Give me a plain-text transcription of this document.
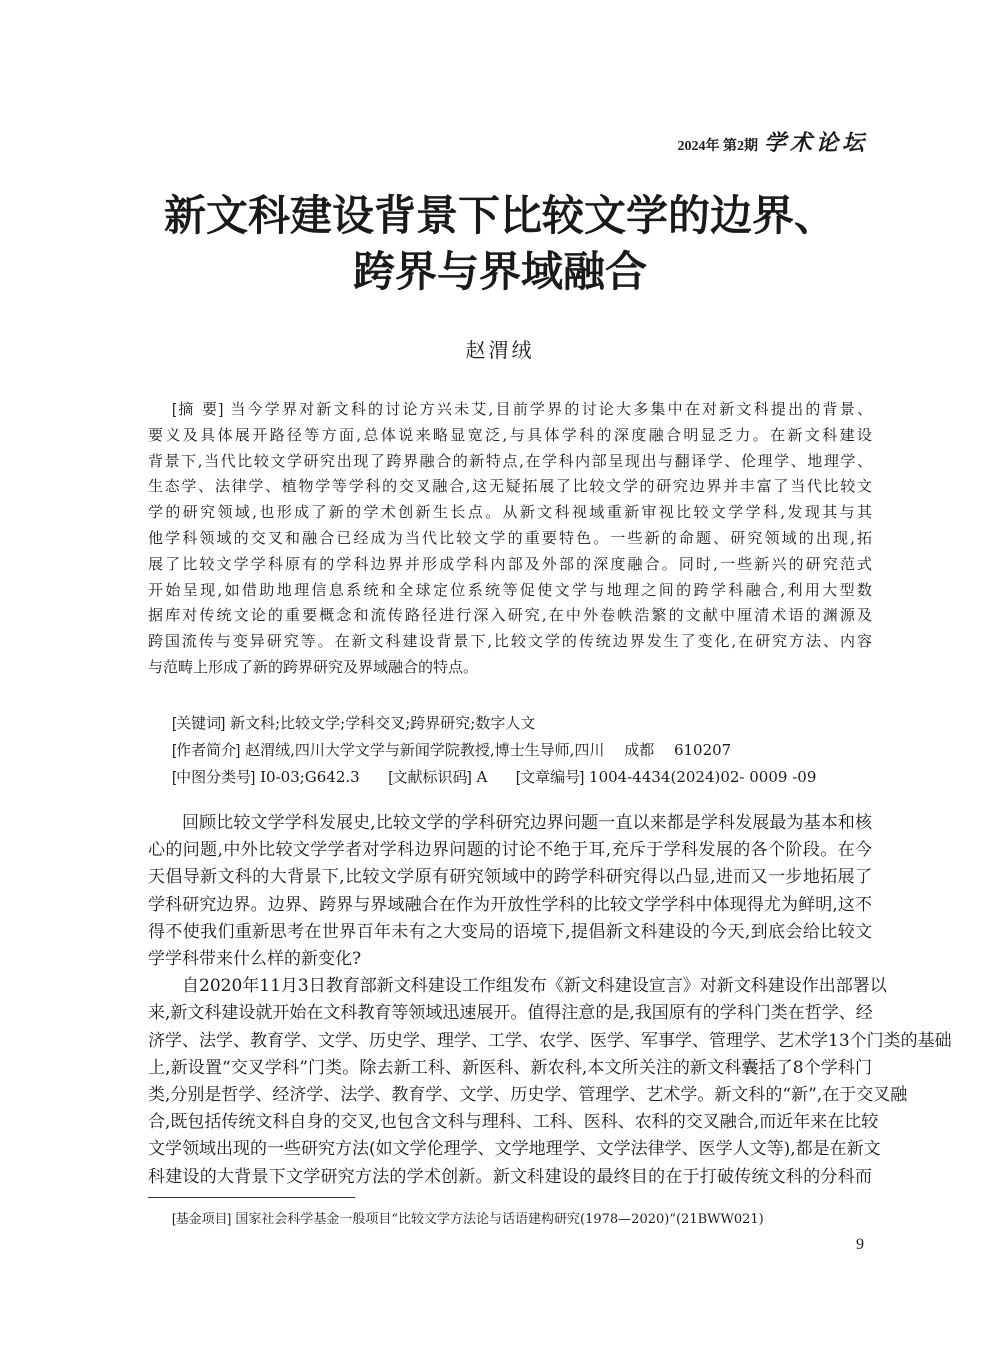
2024年 第2期 学术论坛
新文科建设背景下比较文学的边界、
跨界与界域融合
赵渭绒
[摘 要] 当今学界对新文科的讨论方兴未艾,目前学界的讨论大多集中在对新文科提出的背景、
要义及具体展开路径等方面,总体说来略显宽泛,与具体学科的深度融合明显乏力。在新文科建设
背景下,当代比较文学研究出现了跨界融合的新特点,在学科内部呈现出与翻译学、伦理学、地理学、
生态学、法律学、植物学等学科的交叉融合,这无疑拓展了比较文学的研究边界并丰富了当代比较文
学的研究领域,也形成了新的学术创新生长点。从新文科视域重新审视比较文学学科,发现其与其
他学科领域的交叉和融合已经成为当代比较文学的重要特色。一些新的命题、研究领域的出现,拓
展了比较文学学科原有的学科边界并形成学科内部及外部的深度融合。同时,一些新兴的研究范式
开始呈现,如借助地理信息系统和全球定位系统等促使文学与地理之间的跨学科融合,利用大型数
据库对传统文论的重要概念和流传路径进行深入研究,在中外卷帙浩繁的文献中厘清术语的渊源及
跨国流传与变异研究等。在新文科建设背景下,比较文学的传统边界发生了变化,在研究方法、内容
与范畴上形成了新的跨界研究及界域融合的特点。
[关键词] 新文科;比较文学;学科交叉;跨界研究;数字人文
[作者简介] 赵渭绒,四川大学文学与新闻学院教授,博士生导师,四川　 成都　 610207
[中图分类号] I0-03;G642.3 [文献标识码] A [文章编号] 1004-4434(2024)02- 0009 -09
回顾比较文学学科发展史,比较文学的学科研究边界问题一直以来都是学科发展最为基本和核
心的问题,中外比较文学学者对学科边界问题的讨论不绝于耳,充斥于学科发展的各个阶段。在今
天倡导新文科的大背景下,比较文学原有研究领域中的跨学科研究得以凸显,进而又一步地拓展了
学科研究边界。边界、跨界与界域融合在作为开放性学科的比较文学学科中体现得尤为鲜明,这不
得不使我们重新思考在世界百年未有之大变局的语境下,提倡新文科建设的今天,到底会给比较文
学学科带来什么样的新变化?
自2020年11月3日教育部新文科建设工作组发布《新文科建设宣言》对新文科建设作出部署以
来,新文科建设就开始在文科教育等领域迅速展开。值得注意的是,我国原有的学科门类在哲学、经
济学、法学、教育学、文学、历史学、理学、工学、农学、医学、军事学、管理学、艺术学13个门类的基础
上,新设置“交叉学科”门类。除去新工科、新医科、新农科,本文所关注的新文科囊括了8个学科门
类,分别是哲学、经济学、法学、教育学、文学、历史学、管理学、艺术学。新文科的“新”,在于交叉融
合,既包括传统文科自身的交叉,也包含文科与理科、工科、医科、农科的交叉融合,而近年来在比较
文学领域出现的一些研究方法(如文学伦理学、文学地理学、文学法律学、医学人文等),都是在新文
科建设的大背景下文学研究方法的学术创新。新文科建设的最终目的在于打破传统文科的分科而
[基金项目] 国家社会科学基金一般项目“比较文学方法论与话语建构研究(1978—2020)”(21BWW021)
9
